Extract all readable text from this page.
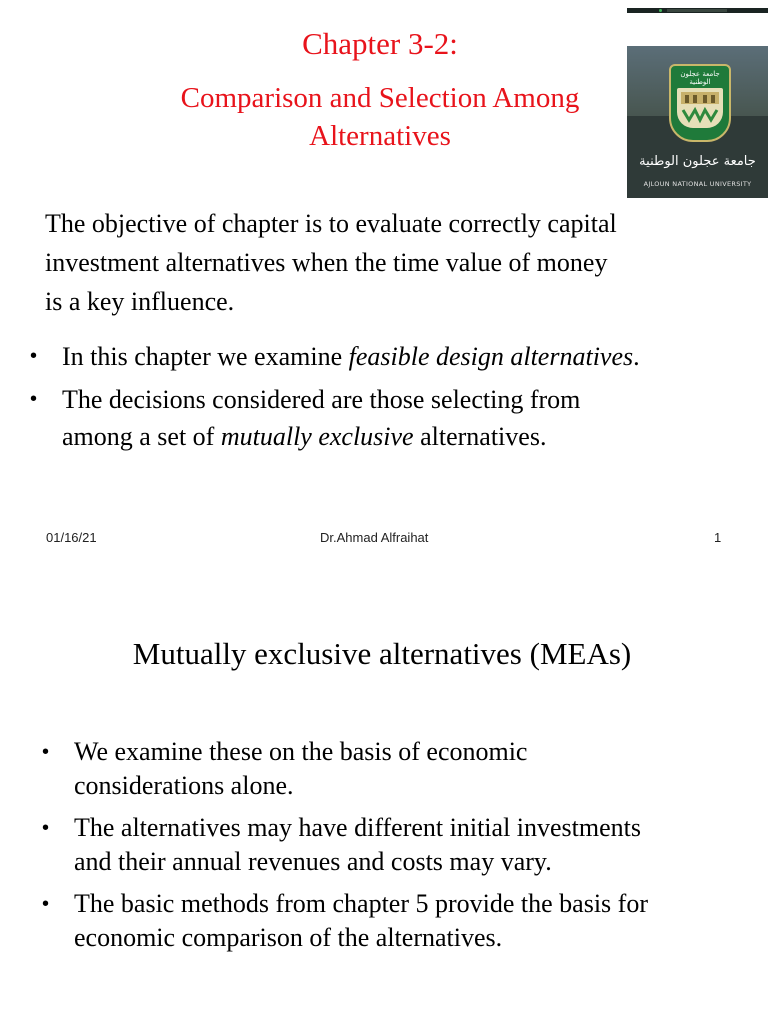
Chapter 3-2:
Comparison and Selection Among
Alternatives
جامعة عجلون الوطنية
جامعة عجلون الوطنية
AJLOUN NATIONAL UNIVERSITY
The objective of chapter is to evaluate correctly capital
investment alternatives when the time value of money
is a key influence.
• In this chapter we examine feasible design alternatives.
• The decisions considered are those selecting from
among a set of mutually exclusive alternatives.
01/16/21	Dr.Ahmad Alfraihat	1
Mutually exclusive alternatives (MEAs)
• We examine these on the basis of economic
considerations alone.
• The alternatives may have different initial investments
and their annual revenues and costs may vary.
• The basic methods from chapter 5 provide the basis for
economic comparison of the alternatives.
